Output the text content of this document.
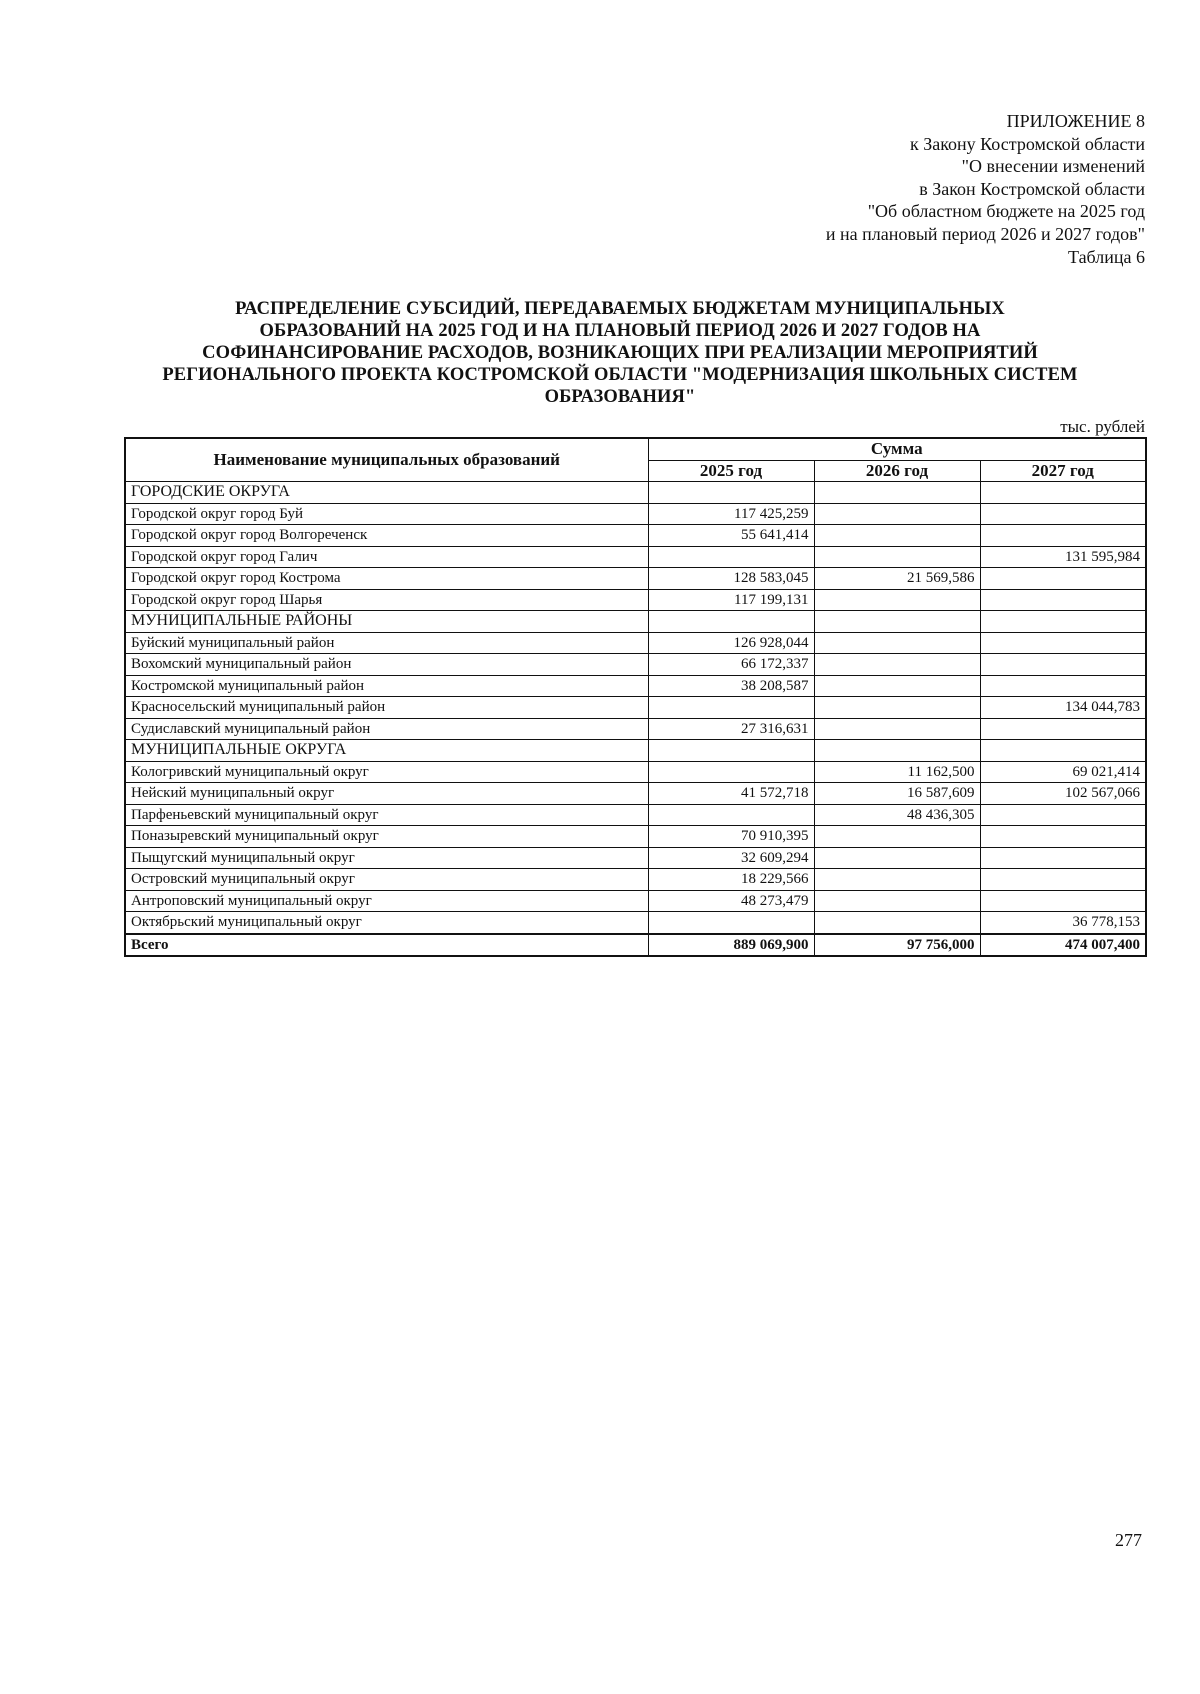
ПРИЛОЖЕНИЕ 8
к Закону Костромской области
"О внесении изменений
в Закон Костромской области
"Об областном бюджете на 2025 год
и на плановый период 2026 и 2027 годов"
Таблица 6
РАСПРЕДЕЛЕНИЕ СУБСИДИЙ, ПЕРЕДАВАЕМЫХ БЮДЖЕТАМ МУНИЦИПАЛЬНЫХ
ОБРАЗОВАНИЙ НА 2025 ГОД И НА ПЛАНОВЫЙ ПЕРИОД 2026 И 2027 ГОДОВ НА
СОФИНАНСИРОВАНИЕ РАСХОДОВ, ВОЗНИКАЮЩИХ ПРИ РЕАЛИЗАЦИИ МЕРОПРИЯТИЙ
РЕГИОНАЛЬНОГО ПРОЕКТА КОСТРОМСКОЙ ОБЛАСТИ "МОДЕРНИЗАЦИЯ ШКОЛЬНЫХ СИСТЕМ
ОБРАЗОВАНИЯ"
тыс. рублей
Наименование муниципальных образований	Сумма		
	2025 год	2026 год	2027 год
ГОРОДСКИЕ ОКРУГА			
Городской округ город Буй	117 425,259		
Городской округ город Волгореченск	55 641,414		
Городской округ город Галич			131 595,984
Городской округ город Кострома	128 583,045	21 569,586	
Городской округ город Шарья	117 199,131		
МУНИЦИПАЛЬНЫЕ РАЙОНЫ			
Буйский муниципальный район	126 928,044		
Вохомский муниципальный район	66 172,337		
Костромской муниципальный район	38 208,587		
Красносельский муниципальный район			134 044,783
Судиславский муниципальный район	27 316,631		
МУНИЦИПАЛЬНЫЕ ОКРУГА			
Кологривский муниципальный округ		11 162,500	69 021,414
Нейский муниципальный округ	41 572,718	16 587,609	102 567,066
Парфеньевский муниципальный округ		48 436,305	
Поназыревский муниципальный округ	70 910,395		
Пыщугский муниципальный округ	32 609,294		
Островский муниципальный округ	18 229,566		
Антроповский муниципальный округ	48 273,479		
Октябрьский муниципальный округ			36 778,153
Всего	889 069,900	97 756,000	474 007,400
277
